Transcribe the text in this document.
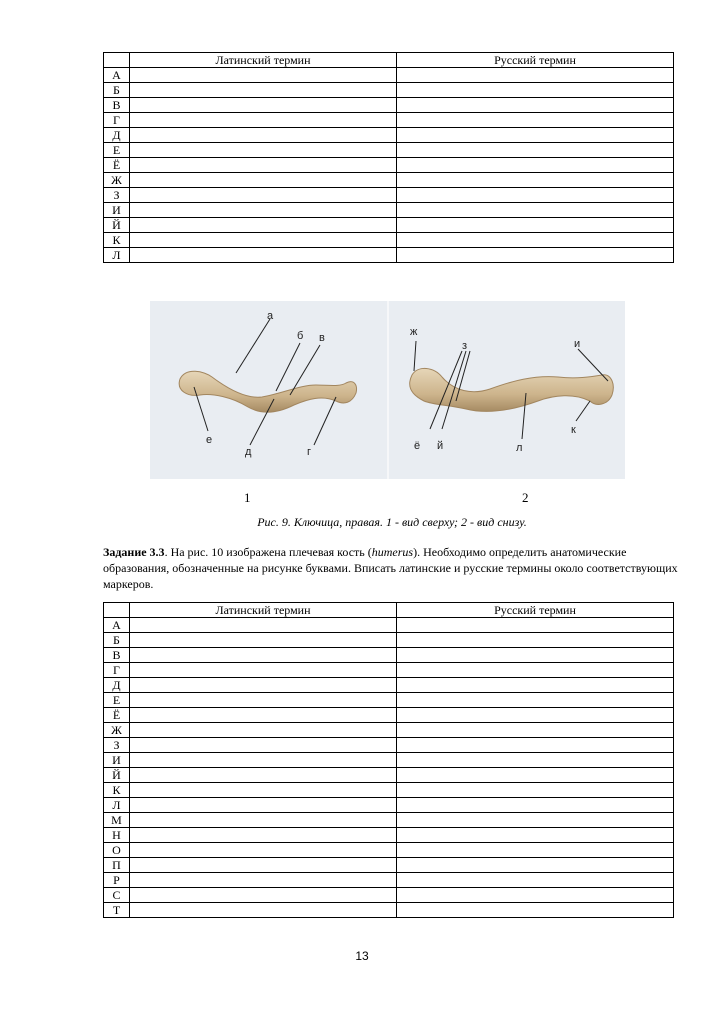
	Латинский термин	Русский термин
А		
Б		
В		
Г		
Д		
Е		
Ё		
Ж		
З		
И		
Й		
К		
Л		
а
б в
е
д	г
ж
з	и
ё й	л
к
1	2
Рис. 9. Ключица, правая. 1 - вид сверху; 2 - вид снизу.
Задание 3.3. На рис. 10 изображена плечевая кость (humerus). Необходимо определить анатомические образования, обозначенные на рисунке буквами. Вписать латинские и русские термины около соответствующих маркеров.
	Латинский термин	Русский термин
А		
Б		
В		
Г		
Д		
Е		
Ё		
Ж		
З		
И		
Й		
К		
Л		
М		
Н		
О		
П		
Р		
С		
Т		
13
